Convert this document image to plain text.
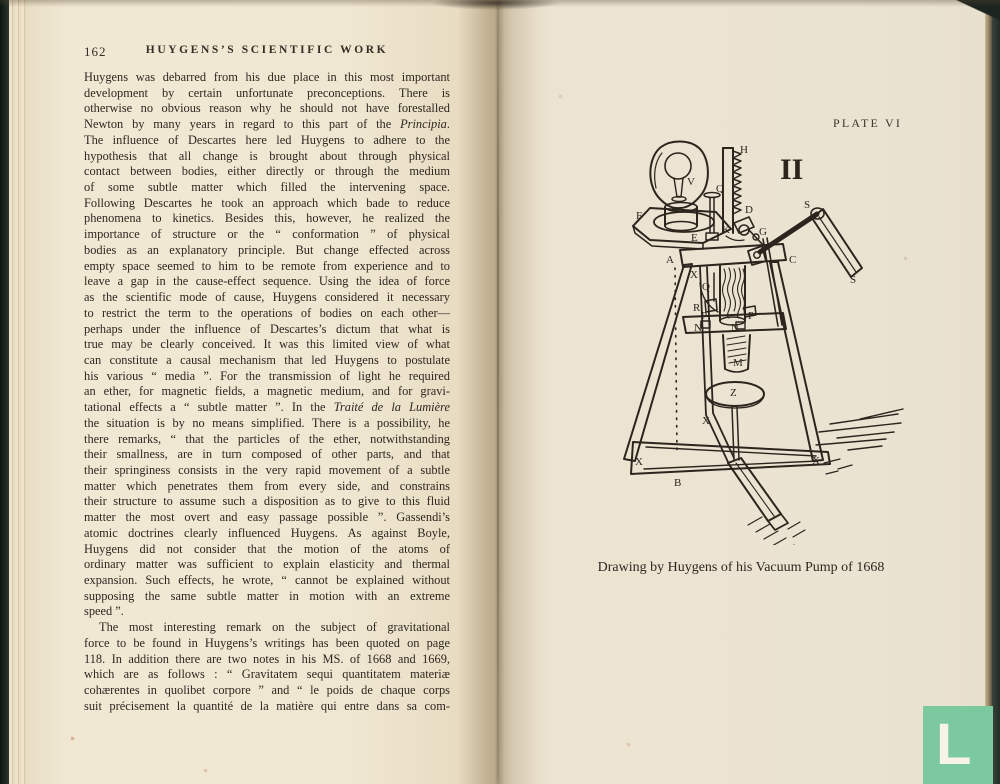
162	HUYGENS’S SCIENTIFIC WORK
Huygens was debarred from his due place in this most important
development by certain unfortunate preconceptions. There is
otherwise no obvious reason why he should not have forestalled
Newton by many years in regard to this part of the Principia.
The influence of Descartes here led Huygens to adhere to the
hypothesis that all change is brought about through physical
contact between bodies, either directly or through the medium
of some subtle matter which filled the intervening space.
Following Descartes he took an approach which bade to reduce
phenomena to kinetics. Besides this, however, he realized the
importance of structure or the “ conformation ” of physical
bodies as an explanatory principle. But change effected across
empty space seemed to him to be remote from experience and to
leave a gap in the cause-effect sequence. Using the idea of force
as the scientific mode of cause, Huygens considered it necessary
to restrict the term to the operations of bodies on each other—
perhaps under the influence of Descartes’s dictum that what is
true may be clearly conceived. It was this limited view of what
can constitute a causal mechanism that led Huygens to postulate
his various “ media ”. For the transmission of light he required
an ether, for magnetic fields, a magnetic medium, and for gravi-
tational effects a “ subtle matter ”. In the Traité de la Lumière
the situation is by no means simplified. There is a possibility, he
there remarks, “ that the particles of the ether, notwithstanding
their smallness, are in turn composed of other parts, and that
their springiness consists in the very rapid movement of a subtle
matter which penetrates them from every side, and constrains
their structure to assume such a disposition as to give to this fluid
matter the most overt and easy passage possible ”. Gassendi’s
atomic doctrines clearly influenced Huygens. As against Boyle,
Huygens did not consider that the motion of the atoms of
ordinary matter was sufficient to explain elasticity and thermal
expansion. Such effects, he wrote, “ cannot be explained without
supposing the same subtle matter in motion with an extreme
speed ”.
The most interesting remark on the subject of gravitational
force to be found in Huygens’s writings has been quoted on page
118. In addition there are two notes in his MS. of 1668 and 1669,
which are as follows : “ Gravitatem sequi quantitatem materiæ
cohærentes in quolibet corpore ” and “ le poids de chaque corps
suit précisement la quantité de la matière qui entre dans sa com-
PLATE VI
II
H
V
F
E
Q
D
K	G
A	C
S
S
X
Q
R
P	P
N	N
M
Z
X
X	X
B
Drawing by Huygens of his Vacuum Pump of 1668
L
